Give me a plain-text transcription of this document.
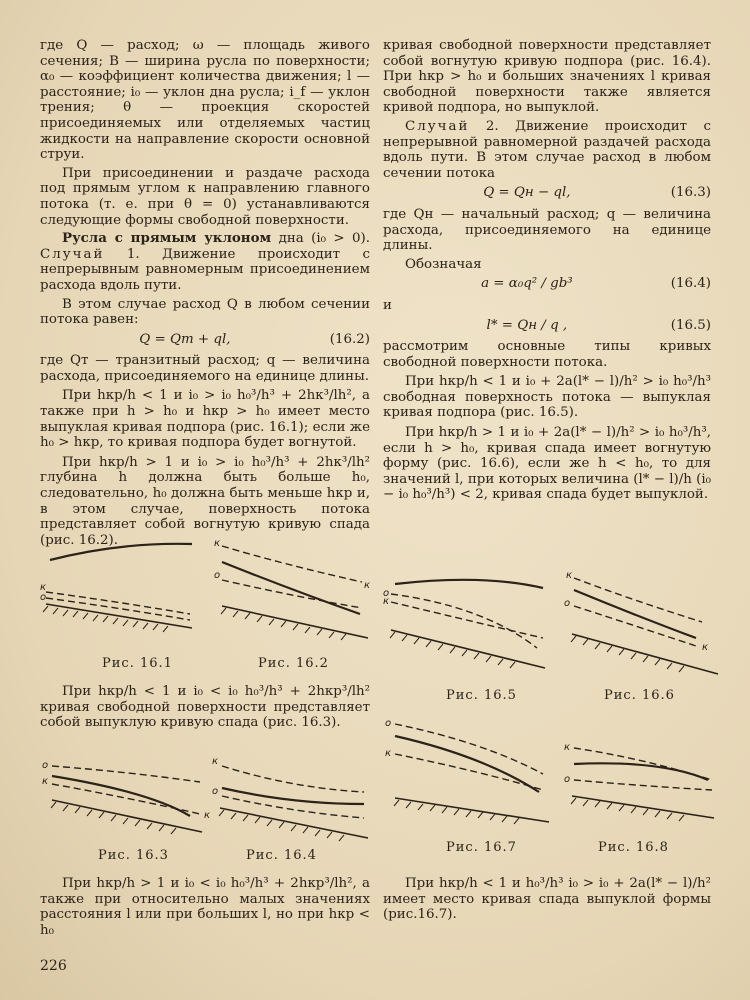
где Q — расход; ω — площадь живого сечения; B — ширина русла по поверхности; α₀ — коэффициент количества движения; l — расстояние; i₀ — уклон дна русла; i_f — уклон трения; θ — проекция скоростей присоединяемых или отделяемых частиц жидкости на направление скорости основной струи.

При присоединении и раздаче расхода под прямым углом к направлению главного потока (т. е. при θ = 0) устанавливаются следующие формы свободной поверхности.

Русла с прямым уклоном дна (i₀ > 0). Случай 1. Движение происходит с непрерывным равномерным присоединением расхода вдоль пути.

В этом случае расход Q в любом сечении потока равен:

Q = Qт + ql,	(16.2)

где Qт — транзитный расход; q — величина расхода, присоединяемого на единице длины.

При hкр/h < 1 и i₀ > i₀ h₀³/h³ + 2hк³/lh², а также при h > h₀ и hкр > h₀ имеет место выпуклая кривая подпора (рис. 16.1); если же h₀ > hкр, то кривая подпора будет вогнутой.

При hкр/h > 1 и i₀ > i₀ h₀³/h³ + 2hк³/lh² глубина h должна быть больше h₀, следовательно, h₀ должна быть меньше hкр и, в этом случае, поверхность потока представляет собой вогнутую кривую спада (рис. 16.2).

к
о
Рис. 16.1
к
о
к
Рис. 16.2

При hкр/h < 1 и i₀ < i₀ h₀³/h³ + 2hкр³/lh² кривая свободной поверхности представляет собой выпуклую кривую спада (рис. 16.3).

о
к
к
Рис. 16.3
к
о
Рис. 16.4

При hкр/h > 1 и i₀ < i₀ h₀³/h³ + 2hкр³/lh², а также при относительно малых значениях расстояния l или при больших l, но при hкр < h₀

кривая свободной поверхности представляет собой вогнутую кривую подпора (рис. 16.4). При hкр > h₀ и больших значениях l кривая свободной поверхности также является кривой подпора, но выпуклой.

Случай 2. Движение происходит с непрерывной равномерной раздачей расхода вдоль пути. В этом случае расход в любом сечении потока

Q = Qн − ql,	(16.3)

где Qн — начальный расход; q — величина расхода, присоединяемого на единице длины.

Обозначая

a = α₀q² / gb³	(16.4)

и

l* = Qн / q ,	(16.5)

рассмотрим основные типы кривых свободной поверхности потока.

При hкр/h < 1 и i₀ + 2a(l* − l)/h² > i₀ h₀³/h³ свободная поверхность потока — выпуклая кривая подпора (рис. 16.5).

При hкр/h > 1 и i₀ + 2a(l* − l)/h² > i₀ h₀³/h³, если h > h₀, кривая спада имеет вогнутую форму (рис. 16.6), если же h < h₀, то для значений l, при которых величина (l* − l)/h (i₀ − i₀ h₀³/h³) < 2, кривая спада будет выпуклой.

о
к
Рис. 16.5
к
о
к
Рис. 16.6
о
к
Рис. 16.7
к
о
Рис. 16.8

При hкр/h < 1 и h₀³/h³ i₀ > i₀ + 2a(l* − l)/h² имеет место кривая спада выпуклой формы (рис.16.7).

226
